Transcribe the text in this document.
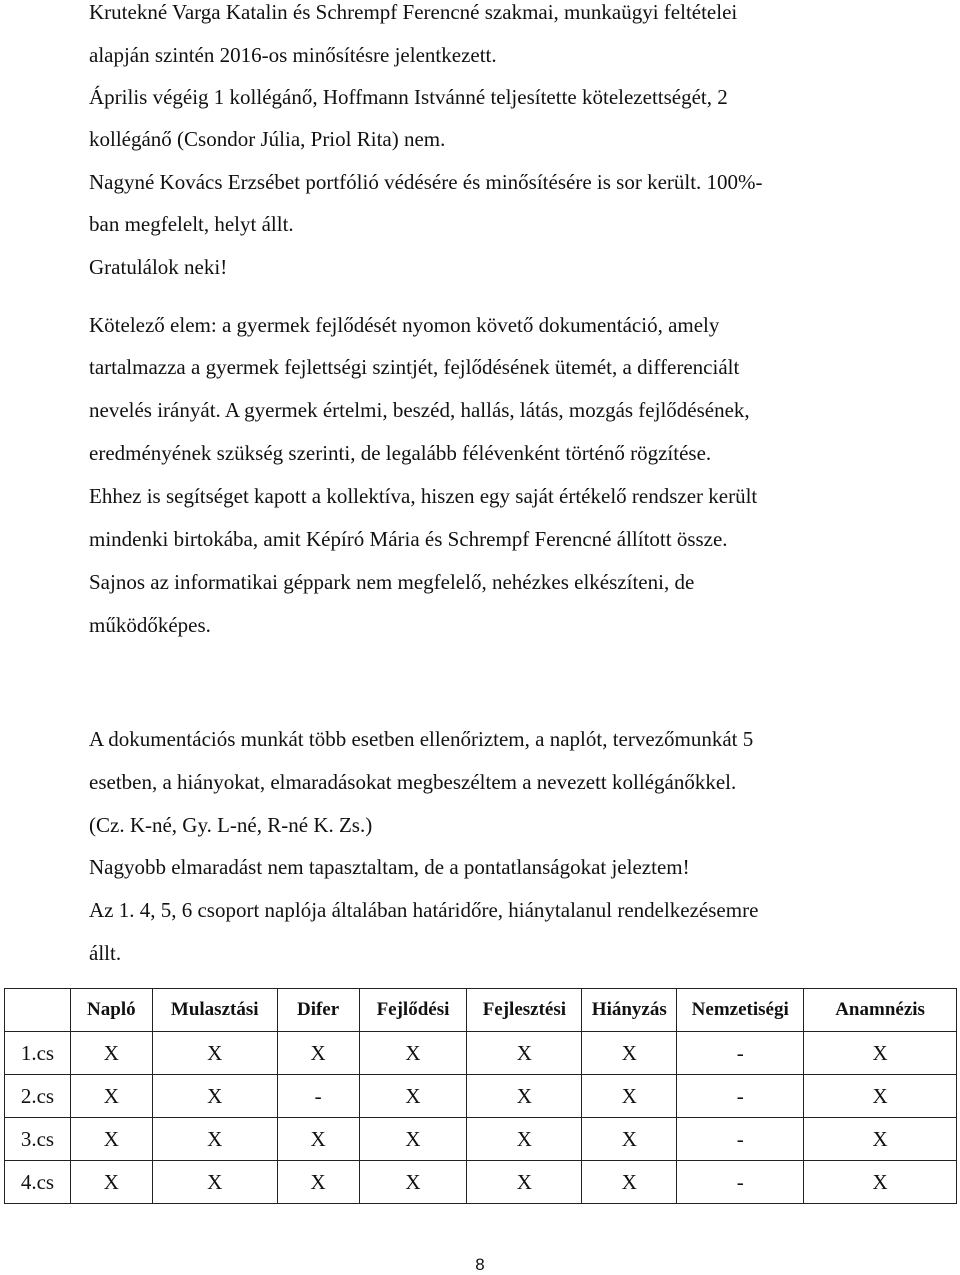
Krutekné Varga Katalin és Schrempf Ferencné szakmai, munkaügyi feltételei
alapján szintén 2016-os minősítésre jelentkezett.
Április végéig 1 kollégánő, Hoffmann Istvánné teljesítette kötelezettségét, 2
kollégánő (Csondor Júlia, Priol Rita) nem.
Nagyné Kovács Erzsébet portfólió védésére és minősítésére is sor került. 100%-
ban megfelelt, helyt állt.
Gratulálok neki!
Kötelező elem: a gyermek fejlődését nyomon követő dokumentáció, amely
tartalmazza a gyermek fejlettségi szintjét, fejlődésének ütemét, a differenciált
nevelés irányát. A gyermek értelmi, beszéd, hallás, látás, mozgás fejlődésének,
eredményének szükség szerinti, de legalább félévenként történő rögzítése.
Ehhez is segítséget kapott a kollektíva, hiszen egy saját értékelő rendszer került
mindenki birtokába, amit Képíró Mária és Schrempf Ferencné állított össze.
Sajnos az informatikai géppark nem megfelelő, nehézkes elkészíteni, de
működőképes.
A dokumentációs munkát több esetben ellenőriztem, a naplót, tervezőmunkát 5
esetben, a hiányokat, elmaradásokat megbeszéltem a nevezett kollégánőkkel.
(Cz. K-né, Gy. L-né, R-né K. Zs.)
Nagyobb elmaradást nem tapasztaltam, de a pontatlanságokat jeleztem!
Az 1. 4, 5, 6 csoport naplója általában határidőre, hiánytalanul rendelkezésemre
állt.
	Napló	Mulasztási	Difer	Fejlődési	Fejlesztési	Hiányzás	Nemzetiségi	Anamnézis
1.cs	X	X	X	X	X	X	-	X
2.cs	X	X	-	X	X	X	-	X
3.cs	X	X	X	X	X	X	-	X
4.cs	X	X	X	X	X	X	-	X
8
